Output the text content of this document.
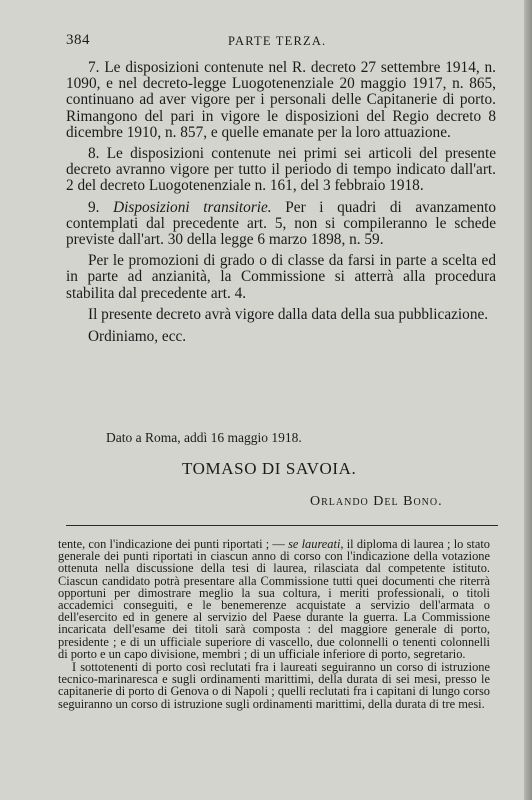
384	PARTE TERZA.

7. Le disposizioni contenute nel R. decreto 27 settembre 1914, n. 1090, e nel decreto-legge Luogotenenziale 20 maggio 1917, n. 865, continuano ad aver vigore per i personali delle Capitanerie di porto. Rimangono del pari in vigore le disposizioni del Regio decreto 8 dicembre 1910, n. 857, e quelle emanate per la loro attuazione.

8. Le disposizioni contenute nei primi sei articoli del presente decreto avranno vigore per tutto il periodo di tempo indicato dall'art. 2 del decreto Luogotenenziale n. 161, del 3 febbraio 1918.

9. Disposizioni transitorie. Per i quadri di avanzamento contemplati dal precedente art. 5, non si compileranno le schede previste dall'art. 30 della legge 6 marzo 1898, n. 59.

Per le promozioni di grado o di classe da farsi in parte a scelta ed in parte ad anzianità, la Commissione si atterrà alla procedura stabilita dal precedente art. 4.

Il presente decreto avrà vigore dalla data della sua pubblicazione.

Ordiniamo, ecc.

Dato a Roma, addì 16 maggio 1918.
TOMASO DI SAVOIA.
Orlando Del Bono.

tente, con l'indicazione dei punti riportati ; — se laureati, il diploma di laurea ; lo stato generale dei punti riportati in ciascun anno di corso con l'indicazione della votazione ottenuta nella discussione della tesi di laurea, rilasciata dal competente istituto. Ciascun candidato potrà presentare alla Commissione tutti quei documenti che riterrà opportuni per dimostrare meglio la sua coltura, i meriti professionali, o titoli accademici conseguiti, e le benemerenze acquistate a servizio dell'armata o dell'esercito ed in genere al servizio del Paese durante la guerra. La Commissione incaricata dell'esame dei titoli sarà composta : del maggiore generale di porto, presidente ; e di un ufficiale superiore di vascello, due colonnelli o tenenti colonnelli di porto e un capo divisione, membri ; di un ufficiale inferiore di porto, segretario.

I sottotenenti di porto così reclutati fra i laureati seguiranno un corso di istruzione tecnico-marinaresca e sugli ordinamenti marittimi, della durata di sei mesi, presso le capitanerie di porto di Genova o di Napoli ; quelli reclutati fra i capitani di lungo corso seguiranno un corso di istruzione sugli ordinamenti marittimi, della durata di tre mesi.
